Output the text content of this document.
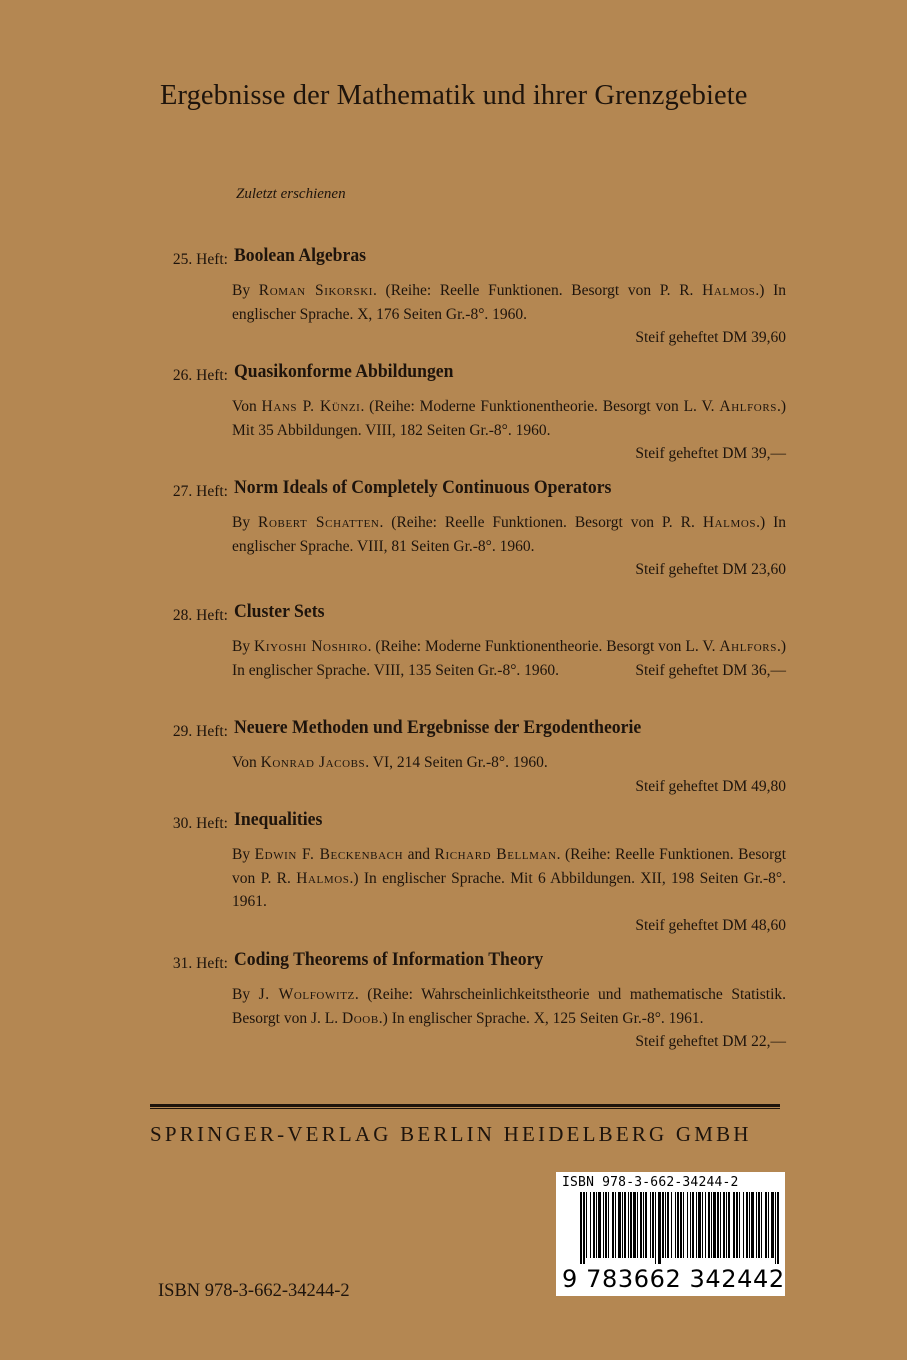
Ergebnisse der Mathematik und ihrer Grenzgebiete
Zuletzt erschienen
25. Heft: Boolean Algebras
By Roman Sikorski. (Reihe: Reelle Funktionen. Besorgt von P. R. Halmos.) In englischer Sprache. X, 176 Seiten Gr.-8°. 1960.
Steif geheftet DM 39,60
26. Heft: Quasikonforme Abbildungen
Von Hans P. Künzi. (Reihe: Moderne Funktionentheorie. Besorgt von L. V. Ahlfors.) Mit 35 Abbildungen. VIII, 182 Seiten Gr.-8°. 1960.
Steif geheftet DM 39,—
27. Heft: Norm Ideals of Completely Continuous Operators
By Robert Schatten. (Reihe: Reelle Funktionen. Besorgt von P. R. Halmos.) In englischer Sprache. VIII, 81 Seiten Gr.-8°. 1960.
Steif geheftet DM 23,60
28. Heft: Cluster Sets
By Kiyoshi Noshiro. (Reihe: Moderne Funktionentheorie. Besorgt von L. V. Ahlfors.) In englischer Sprache. VIII, 135 Seiten Gr.-8°. 1960.	Steif geheftet DM 36,—
29. Heft: Neuere Methoden und Ergebnisse der Ergodentheorie
Von Konrad Jacobs. VI, 214 Seiten Gr.-8°. 1960.
Steif geheftet DM 49,80
30. Heft: Inequalities
By Edwin F. Beckenbach and Richard Bellman. (Reihe: Reelle Funktionen. Besorgt von P. R. Halmos.) In englischer Sprache. Mit 6 Abbildungen. XII, 198 Seiten Gr.-8°. 1961.
Steif geheftet DM 48,60
31. Heft: Coding Theorems of Information Theory
By J. Wolfowitz. (Reihe: Wahrscheinlichkeitstheorie und mathematische Statistik. Besorgt von J. L. Doob.) In englischer Sprache. X, 125 Seiten Gr.-8°. 1961.
Steif geheftet DM 22,—
SPRINGER-VERLAG BERLIN HEIDELBERG GMBH
ISBN 978-3-662-34244-2
9 783662 342442
ISBN 978-3-662-34244-2
